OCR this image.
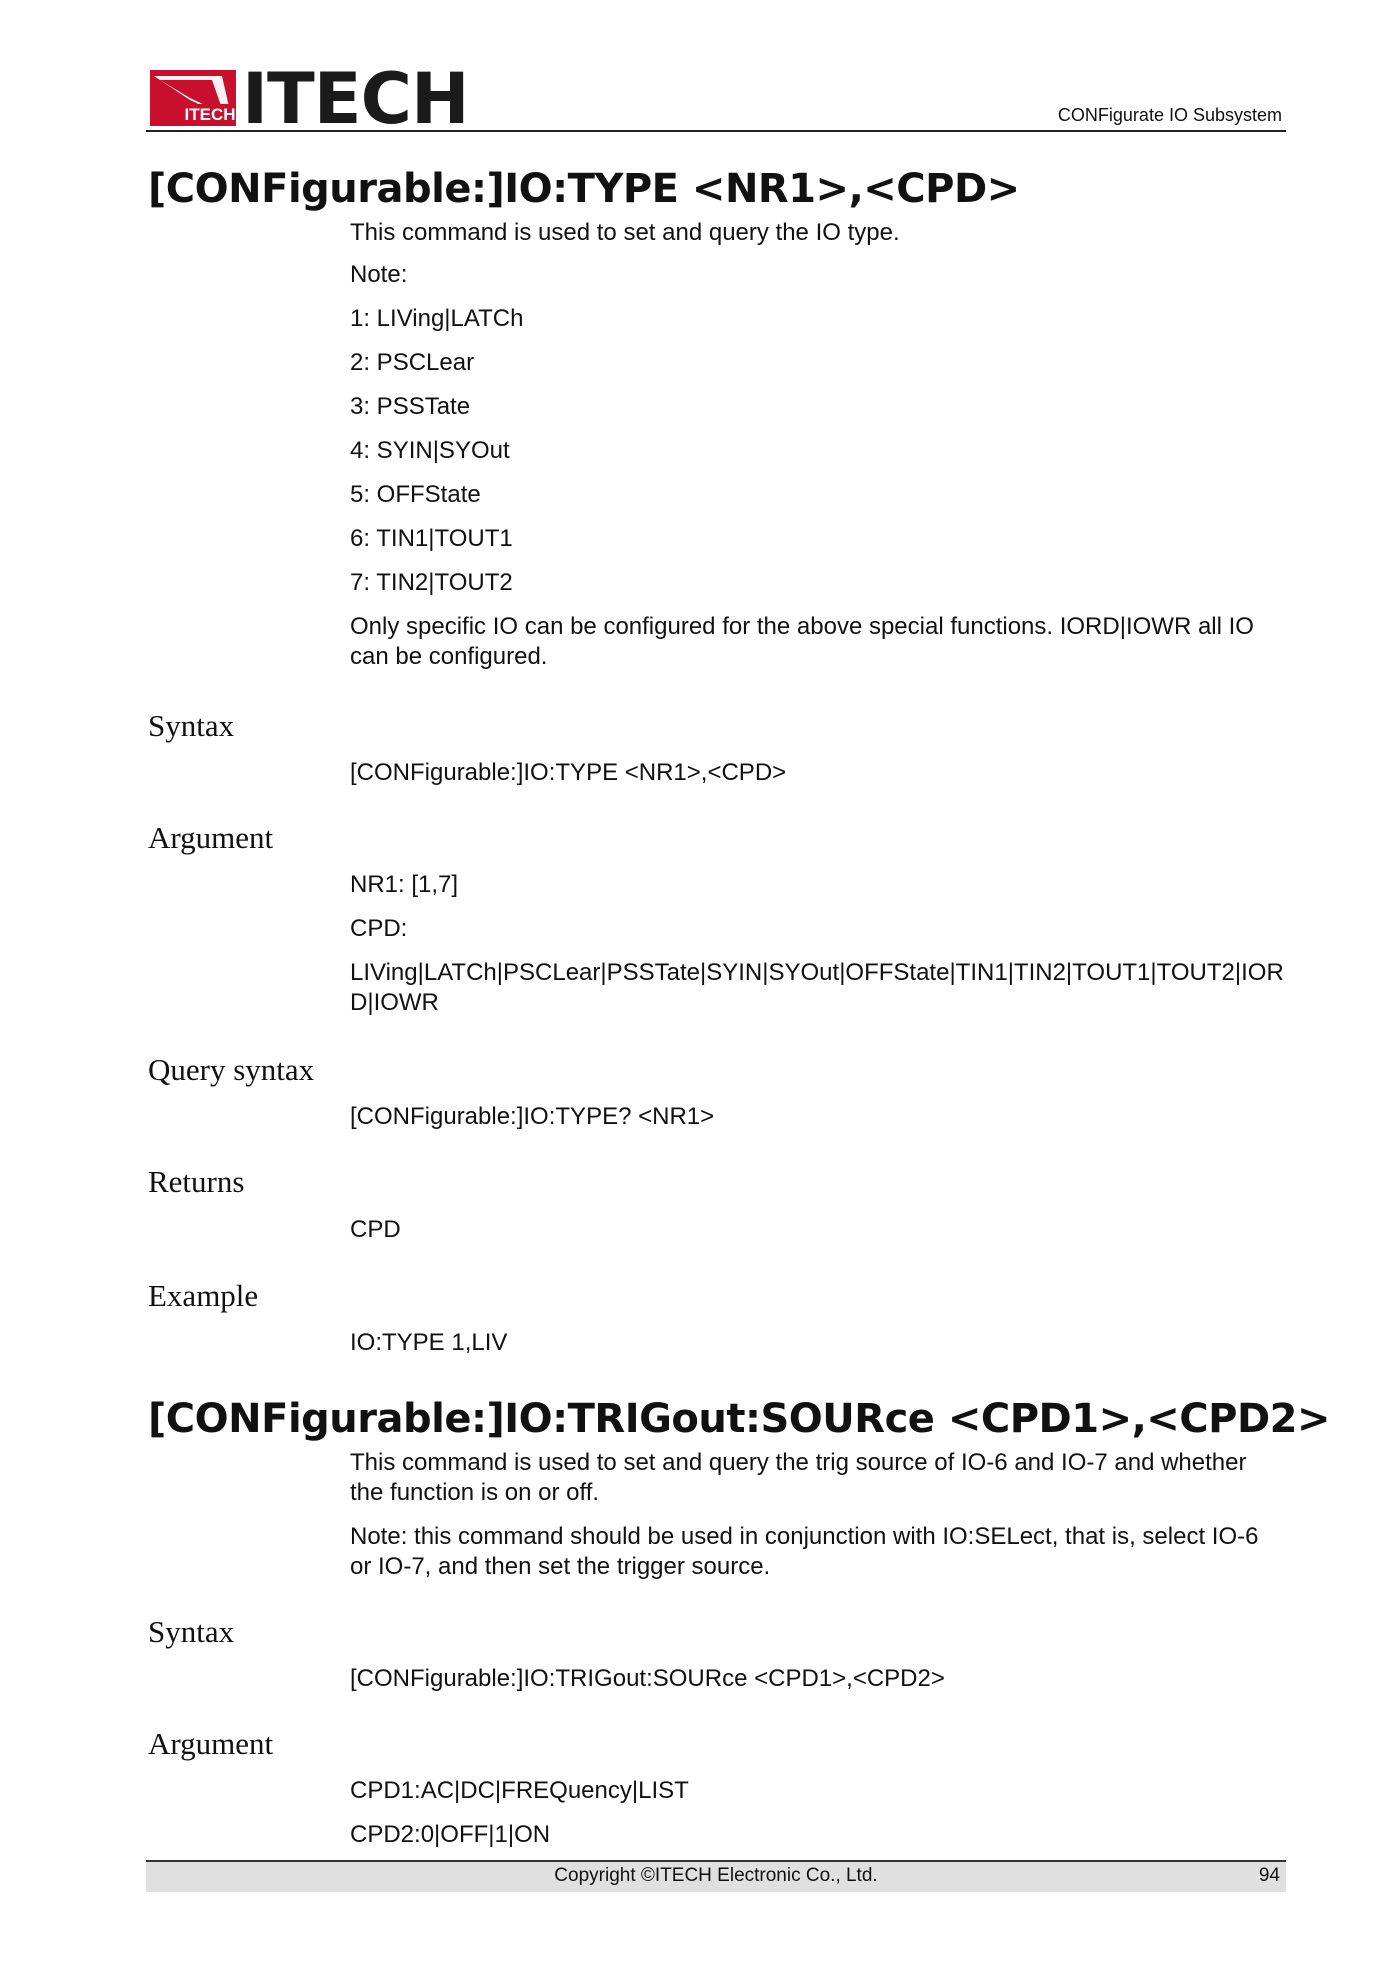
ITECH ITECH	CONFigurate IO Subsystem
[CONFigurable:]IO:TYPE <NR1>,<CPD>

This command is used to set and query the IO type.

Note:

1: LIVing|LATCh

2: PSCLear

3: PSSTate

4: SYIN|SYOut

5: OFFState

6: TIN1|TOUT1

7: TIN2|TOUT2

Only specific IO can be configured for the above special functions. IORD|IOWR all IO can be configured.

Syntax
[CONFigurable:]IO:TYPE <NR1>,<CPD>
Argument

NR1: [1,7]

CPD:

LIVing|LATCh|PSCLear|PSSTate|SYIN|SYOut|OFFState|TIN1|TIN2|TOUT1|TOUT2|IORD|IOWR

Query syntax
[CONFigurable:]IO:TYPE? <NR1>
Returns
CPD
Example
IO:TYPE 1,LIV
[CONFigurable:]IO:TRIGout:SOURce <CPD1>,<CPD2>

This command is used to set and query the trig source of IO-6 and IO-7 and whether the function is on or off.

Note: this command should be used in conjunction with IO:SELect, that is, select IO-6 or IO-7, and then set the trigger source.

Syntax
[CONFigurable:]IO:TRIGout:SOURce <CPD1>,<CPD2>
Argument

CPD1:AC|DC|FREQuency|LIST

CPD2:0|OFF|1|ON

Copyright ©ITECH Electronic Co., Ltd.	94
